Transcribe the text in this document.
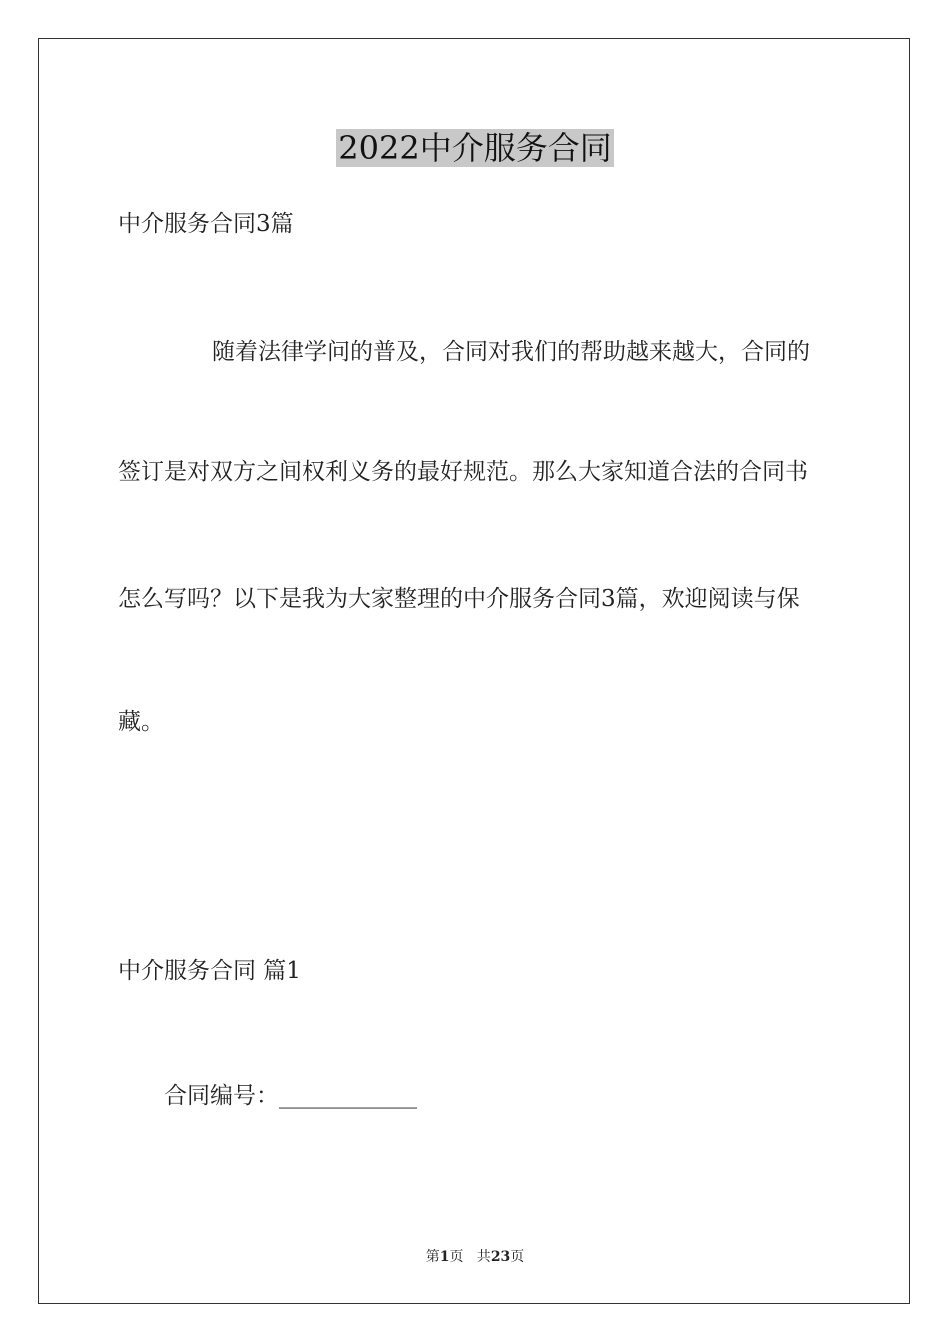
2022中介服务合同
中介服务合同3篇
随着法律学问的普及，合同对我们的帮助越来越大，合同的
签订是对双方之间权利义务的最好规范。那么大家知道合法的合同书
怎么写吗？以下是我为大家整理的中介服务合同3篇，欢迎阅读与保
藏。
中介服务合同 篇1
合同编号：____________
第1页   共23页
